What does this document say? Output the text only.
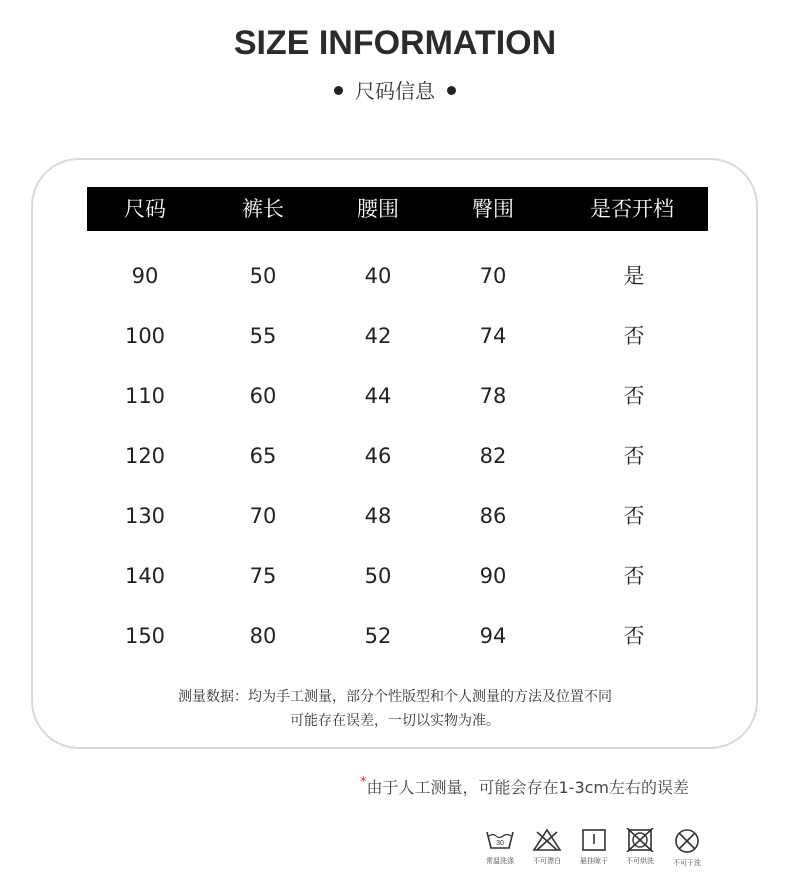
SIZE INFORMATION
尺码信息
尺码	裤长	腰围	臀围	是否开档
90	50	40	70	是
100	55	42	74	否
110	60	44	78	否
120	65	46	82	否
130	70	48	86	否
140	75	50	90	否
150	80	52	94	否
测量数据：均为手工测量，部分个性版型和个人测量的方法及位置不同
可能存在误差，一切以实物为准。
*由于人工测量，可能会存在1-3cm左右的误差
30
常温洗涤	不可漂白	悬挂晾干	不可烘洗	不可干洗
